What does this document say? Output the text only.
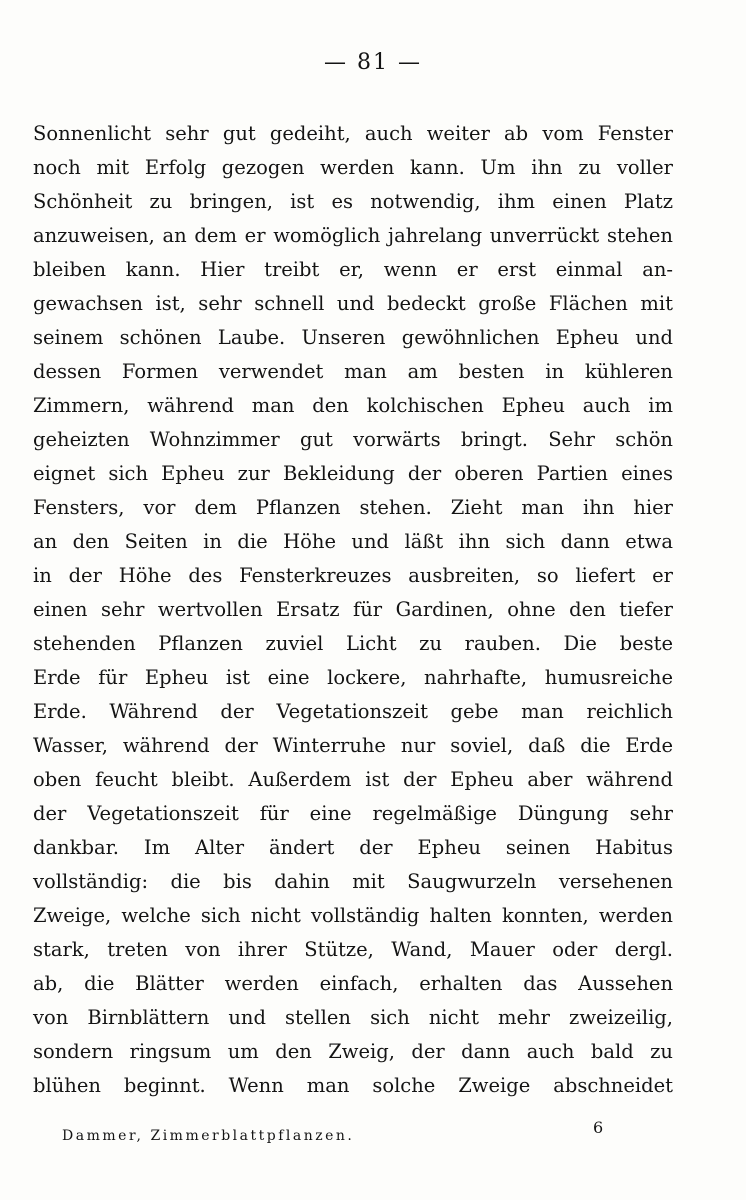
— 81 —
Sonnenlicht sehr gut gedeiht, auch weiter ab vom Fenster
noch mit Erfolg gezogen werden kann. Um ihn zu voller
Schönheit zu bringen, ist es notwendig, ihm einen Platz
anzuweisen, an dem er womöglich jahrelang unverrückt stehen
bleiben kann. Hier treibt er, wenn er erst einmal an-
gewachsen ist, sehr schnell und bedeckt große Flächen mit
seinem schönen Laube. Unseren gewöhnlichen Epheu und
dessen Formen verwendet man am besten in kühleren
Zimmern, während man den kolchischen Epheu auch im
geheizten Wohnzimmer gut vorwärts bringt. Sehr schön
eignet sich Epheu zur Bekleidung der oberen Partien eines
Fensters, vor dem Pflanzen stehen. Zieht man ihn hier
an den Seiten in die Höhe und läßt ihn sich dann etwa
in der Höhe des Fensterkreuzes ausbreiten, so liefert er
einen sehr wertvollen Ersatz für Gardinen, ohne den tiefer
stehenden Pflanzen zuviel Licht zu rauben. Die beste
Erde für Epheu ist eine lockere, nahrhafte, humusreiche
Erde. Während der Vegetationszeit gebe man reichlich
Wasser, während der Winterruhe nur soviel, daß die Erde
oben feucht bleibt. Außerdem ist der Epheu aber während
der Vegetationszeit für eine regelmäßige Düngung sehr
dankbar. Im Alter ändert der Epheu seinen Habitus
vollständig: die bis dahin mit Saugwurzeln versehenen
Zweige, welche sich nicht vollständig halten konnten, werden
stark, treten von ihrer Stütze, Wand, Mauer oder dergl.
ab, die Blätter werden einfach, erhalten das Aussehen
von Birnblättern und stellen sich nicht mehr zweizeilig,
sondern ringsum um den Zweig, der dann auch bald zu
blühen beginnt. Wenn man solche Zweige abschneidet
Dammer, Zimmerblattpflanzen.	6
